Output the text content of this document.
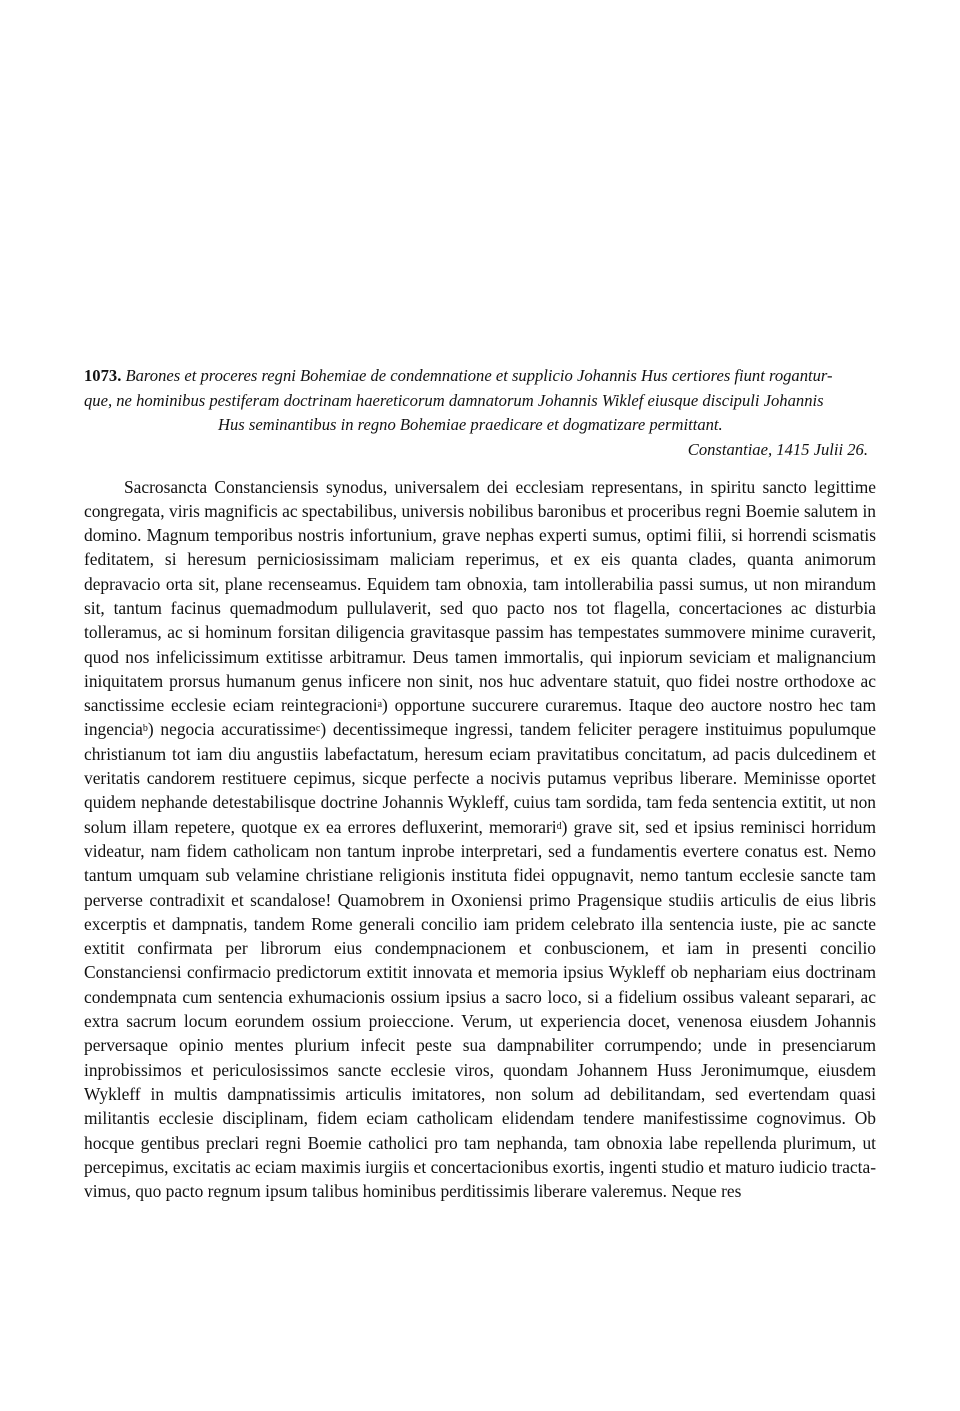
1073. Barones et proceres regni Bohemiae de condemnatione et supplicio Johannis Hus certiores fiunt rogantur-
que, ne hominibus pestiferam doctrinam haereticorum damnatorum Johannis Wiklef eiusque discipuli Johannis
Hus seminantibus in regno Bohemiae praedicare et dogmatizare permittant.

Constantiae, 1415 Julii 26.

Sacrosancta Constanciensis synodus, universalem dei ecclesiam representans, in spiritu sancto legittime congregata, viris magnificis ac spectabilibus, universis nobilibus baronibus et proceribus regni Boemie salutem in domino. Magnum temporibus nostris infortunium, grave nephas experti sumus, optimi filii, si horrendi scismatis feditatem, si heresum perniciosissimam maliciam reperimus, et ex eis quanta clades, quanta animorum depravacio orta sit, plane recenseamus. Equidem tam obnoxia, tam intollerabilia passi sumus, ut non mirandum sit, tantum facinus quemadmodum pullulaverit, sed quo pacto nos tot flagella, concertaciones ac disturbia tolleramus, ac si hominum forsitan diligencia gravitasque passim has tempestates summovere minime curaverit, quod nos infelicissimum extitisse arbitramur. Deus tamen immortalis, qui inpiorum seviciam et malignancium iniquitatem prorsus humanum genus inficere non sinit, nos huc adventare statuit, quo fidei nostre orthodoxe ac sanctissime ecclesie eciam reintegracioni$^a$) opportune succurere curaremus. Itaque deo auctore nostro hec tam ingencia$^b$) negocia accuratissime$^c$) decentissimeque ingressi, tandem feliciter peragere instituimus populumque christianum tot iam diu angustiis labefactatum, heresum eciam pravitatibus concitatum, ad pacis dulcedinem et veritatis candorem restituere cepimus, sicque perfecte a nocivis putamus vepribus liberare. Meminisse oportet quidem nephande detestabilisque doctrine Johannis Wykleff, cuius tam sordida, tam feda sentencia extitit, ut non solum illam repetere, quotque ex ea errores defluxerint, memorari$^d$) grave sit, sed et ipsius reminisci horridum videatur, nam fidem catholicam non tantum inprobe interpretari, sed a fundamentis evertere conatus est. Nemo tantum umquam sub velamine christiane religionis instituta fidei oppugnavit, nemo tantum ecclesie sancte tam perverse contradixit et scandalose! Quamobrem in Oxoniensi primo Pragensique studiis articulis de eius libris excerptis et dampnatis, tandem Rome generali concilio iam pridem celebrato illa sentencia iuste, pie ac sancte extitit confirmata per librorum eius condempnacionem et conbuscionem, et iam in presenti concilio Constanciensi confirmacio predictorum extitit innovata et memoria ipsius Wykleff ob nephariam eius doctrinam condempnata cum sentencia exhumacionis ossium ipsius a sacro loco, si a fidelium ossibus valeant separari, ac extra sacrum locum eorundem ossium proieccione. Verum, ut experiencia docet, venenosa eiusdem Johannis perversaque opinio mentes plurium infecit peste sua dampnabiliter corrumpendo; unde in presenciarum inprobissimos et periculosissimos sancte ecclesie viros, quondam Johannem Huss Jeronimumque, eiusdem Wykleff in multis dampnatissimis articulis imitatores, non solum ad debilitandam, sed evertendam quasi militantis ecclesie disciplinam, fidem eciam catholicam elidendam tendere manifestissime cognovimus. Ob hocque gentibus preclari regni Boemie catholici pro tam nephanda, tam obnoxia labe repellenda plurimum, ut percepimus, excitatis ac eciam maximis iurgiis et concertacionibus exortis, ingenti studio et maturo iudicio tractavimus, quo pacto regnum ipsum talibus hominibus perditissimis liberare valeremus. Neque res
